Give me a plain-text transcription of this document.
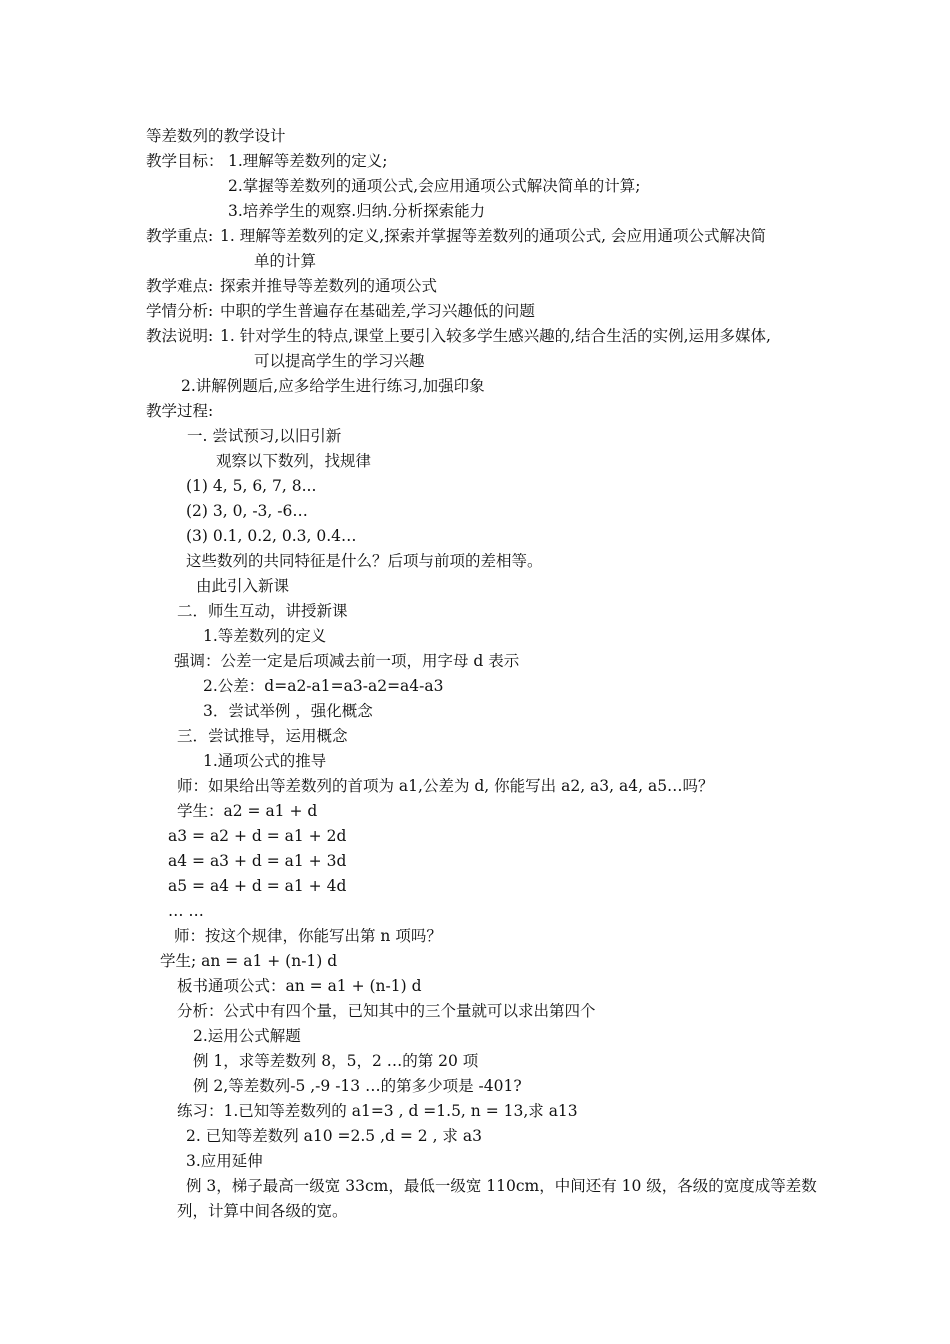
等差数列的教学设计

教学目标： 1.理解等差数列的定义;

2.掌握等差数列的通项公式,会应用通项公式解决简单的计算;

3.培养学生的观察.归纳.分析探索能力

教学重点: 1. 理解等差数列的定义,探索并掌握等差数列的通项公式, 会应用通项公式解决简

单的计算

教学难点: 探索并推导等差数列的通项公式

学情分析: 中职的学生普遍存在基础差,学习兴趣低的问题

教法说明: 1. 针对学生的特点,课堂上要引入较多学生感兴趣的,结合生活的实例,运用多媒体,

可以提高学生的学习兴趣

2.讲解例题后,应多给学生进行练习,加强印象

教学过程:

一. 尝试预习,以旧引新

观察以下数列，找规律

(1) 4, 5, 6, 7, 8...

(2) 3, 0, -3, -6…

(3) 0.1, 0.2, 0.3, 0.4…

这些数列的共同特征是什么？后项与前项的差相等。

由此引入新课

二．师生互动，讲授新课

1.等差数列的定义

强调：公差一定是后项减去前一项，用字母 d 表示

2.公差：d=a2-a1=a3-a2=a4-a3

3．尝试举例 ，强化概念

三．尝试推导，运用概念

1.通项公式的推导

师：如果给出等差数列的首项为 a1,公差为 d, 你能写出 a2, a3, a4, a5…吗？

学生：a2 = a1 + d

a3 = a2 + d = a1 + 2d

a4 = a3 + d = a1 + 3d

a5 = a4 + d = a1 + 4d

… …

师：按这个规律，你能写出第 n 项吗？

学生; an = a1 + (n-1) d

板书通项公式：an = a1 + (n-1) d

分析：公式中有四个量，已知其中的三个量就可以求出第四个

2.运用公式解题

例 1，求等差数列 8，5，2 …的第 20 项

例 2,等差数列-5 ,-9 -13 …的第多少项是 -401?

练习：1.已知等差数列的 a1=3 , d =1.5, n = 13,求 a13

2. 已知等差数列 a10 =2.5 ,d = 2 , 求 a3

3.应用延伸

例 3，梯子最高一级宽 33cm，最低一级宽 110cm，中间还有 10 级，各级的宽度成等差数

列，计算中间各级的宽。
